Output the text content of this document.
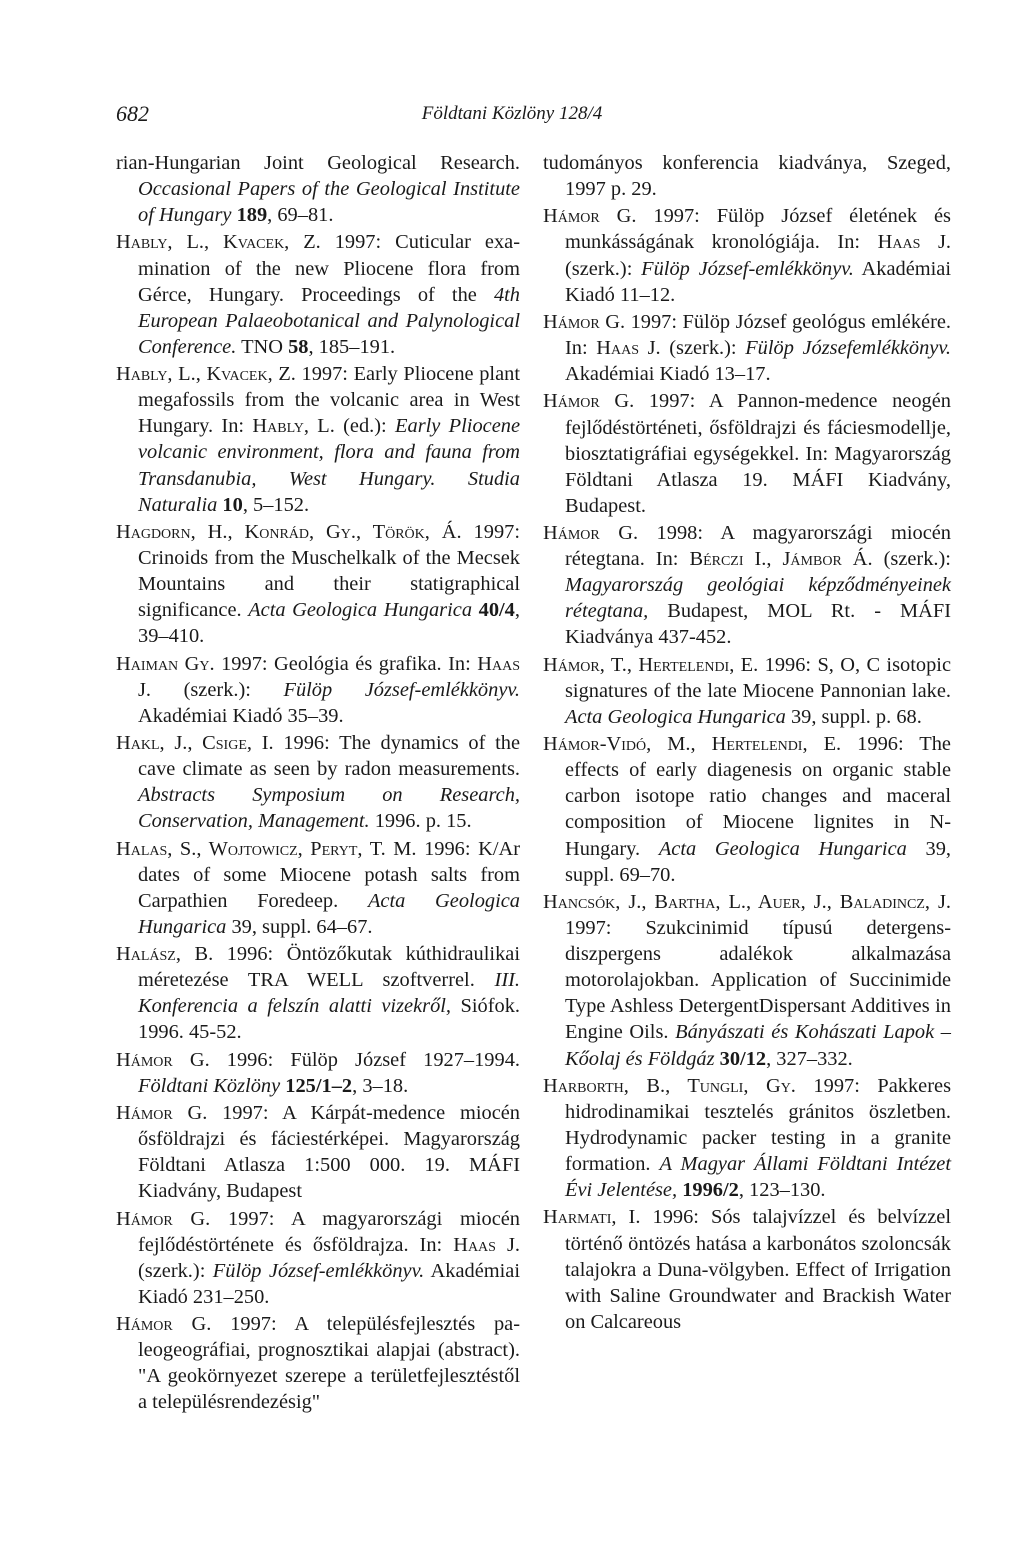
682	Földtani Közlöny 128/4
rian-Hungarian Joint Geological Research. Occasional Papers of the Geological Institute of Hungary 189, 69–81.
Hably, L., Kvacek, Z. 1997: Cuticular examination of the new Pliocene flora from Gérce, Hungary. Proceedings of the 4th European Palaeobotanical and Palynological Conference. TNO 58, 185–191.
Hably, L., Kvacek, Z. 1997: Early Pliocene plant megafossils from the volcanic area in West Hungary. In: Hably, L. (ed.): Early Pliocene volcanic environment, flora and fauna from Transdanubia, West Hungary. Studia Naturalia 10, 5–152.
Hagdorn, H., Konrád, Gy., Török, Á. 1997: Crinoids from the Muschelkalk of the Mecsek Mountains and their statigraphical significance. Acta Geologica Hungarica 40/4, 39–410.
Haiman Gy. 1997: Geológia és grafika. In: Haas J. (szerk.): Fülöp József-emlékkönyv. Akadémiai Kiadó 35–39.
Hakl, J., Csige, I. 1996: The dynamics of the cave climate as seen by radon measurements. Abstracts Symposium on Research, Conservation, Management. 1996. p. 15.
Halas, S., Wojtowicz, Peryt, T. M. 1996: K/Ar dates of some Miocene potash salts from Carpathien Foredeep. Acta Geologica Hungarica 39, suppl. 64–67.
Halász, B. 1996: Öntözőkutak kúthidraulikai méretezése TRA WELL szoftverrel. III. Konferencia a felszín alatti vizekről, Siófok. 1996. 45-52.
Hámor G. 1996: Fülöp József 1927–1994. Földtani Közlöny 125/1–2, 3–18.
Hámor G. 1997: A Kárpát-medence miocén ősföldrajzi és fáciestérképei. Magyarország Földtani Atlasza 1:500 000. 19. MÁFI Kiadvány, Budapest
Hámor G. 1997: A magyarországi miocén fejlődéstörténete és ősföldrajza. In: Haas J. (szerk.): Fülöp József-emlékkönyv. Akadémiai Kiadó 231–250.
Hámor G. 1997: A településfejlesztés paleogeográfiai, prognosztikai alapjai (abstract). "A geokörnyezet szerepe a területfejlesztéstől a településrendezésig"
tudományos konferencia kiadványa, Szeged, 1997 p. 29.
Hámor G. 1997: Fülöp József életének és munkásságának kronológiája. In: Haas J. (szerk.): Fülöp József-emlékkönyv. Akadémiai Kiadó 11–12.
Hámor G. 1997: Fülöp József geológus emlékére. In: Haas J. (szerk.): Fülöp Józsefemlékkönyv. Akadémiai Kiadó 13–17.
Hámor G. 1997: A Pannon-medence neogén fejlődéstörténeti, ősföldrajzi és fáciesmodellje, biosztatigráfiai egységekkel. In: Magyarország Földtani Atlasza 19. MÁFI Kiadvány, Budapest.
Hámor G. 1998: A magyarországi miocén rétegtana. In: Bérczi I., Jámbor Á. (szerk.): Magyarország geológiai képződményeinek rétegtana, Budapest, MOL Rt. - MÁFI Kiadványa 437-452.
Hámor, T., Hertelendi, E. 1996: S, O, C isotopic signatures of the late Miocene Pannonian lake. Acta Geologica Hungarica 39, suppl. p. 68.
Hámor-Vidó, M., Hertelendi, E. 1996: The effects of early diagenesis on organic stable carbon isotope ratio changes and maceral composition of Miocene lignites in N-Hungary. Acta Geologica Hungarica 39, suppl. 69–70.
Hancsók, J., Bartha, L., Auer, J., Baladincz, J. 1997: Szukcinimid típusú detergens-diszpergens adalékok alkalmazása motorolajokban. Application of Succinimide Type Ashless DetergentDispersant Additives in Engine Oils. Bányászati és Kohászati Lapok – Kőolaj és Földgáz 30/12, 327–332.
Harborth, B., Tungli, Gy. 1997: Pakkeres hidrodinamikai tesztelés gránitos öszletben. Hydrodynamic packer testing in a granite formation. A Magyar Állami Földtani Intézet Évi Jelentése, 1996/2, 123–130.
Harmati, I. 1996: Sós talajvízzel és belvízzel történő öntözés hatása a karbonátos szoloncsák talajokra a Duna-völgyben. Effect of Irrigation with Saline Groundwater and Brackish Water on Calcareous
